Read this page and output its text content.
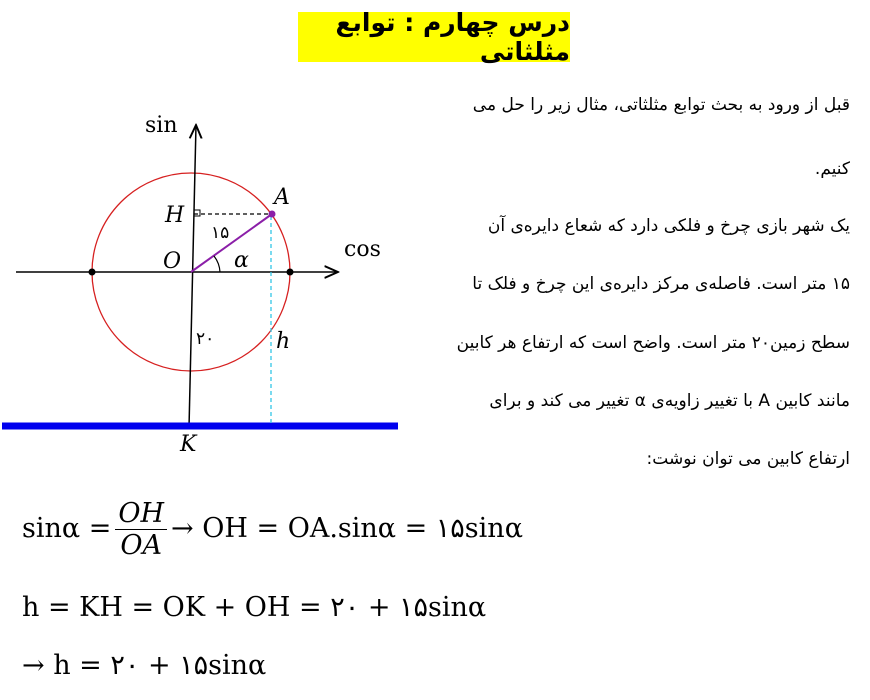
درس چهارم : توابع مثلثاتی
قبل از ورود به بحث توابع مثلثاتی، مثال زیر را حل می
کنیم.
یک شهر بازی چرخ و فلکی دارد که شعاع دایره‌ی آن
۱۵ متر است. فاصله‌ی مرکز دایره‌ی این چرخ و فلک تا
سطح زمین۲۰ متر است. واضح است که ارتفاع هر کابین
مانند کابین A با تغییر زاویه‌ی α تغییر می کند و برای
ارتفاع کابین می توان نوشت:
sin
cos
A
H
O
K
α
۱۵
۲۰	h
$\sin\alpha = \frac{OH}{OA}$ → OH = OA.sinα = ۱۵sinα
h = KH = OK + OH = ۲۰ + ۱۵sinα
→ h = ۲۰ + ۱۵sinα
